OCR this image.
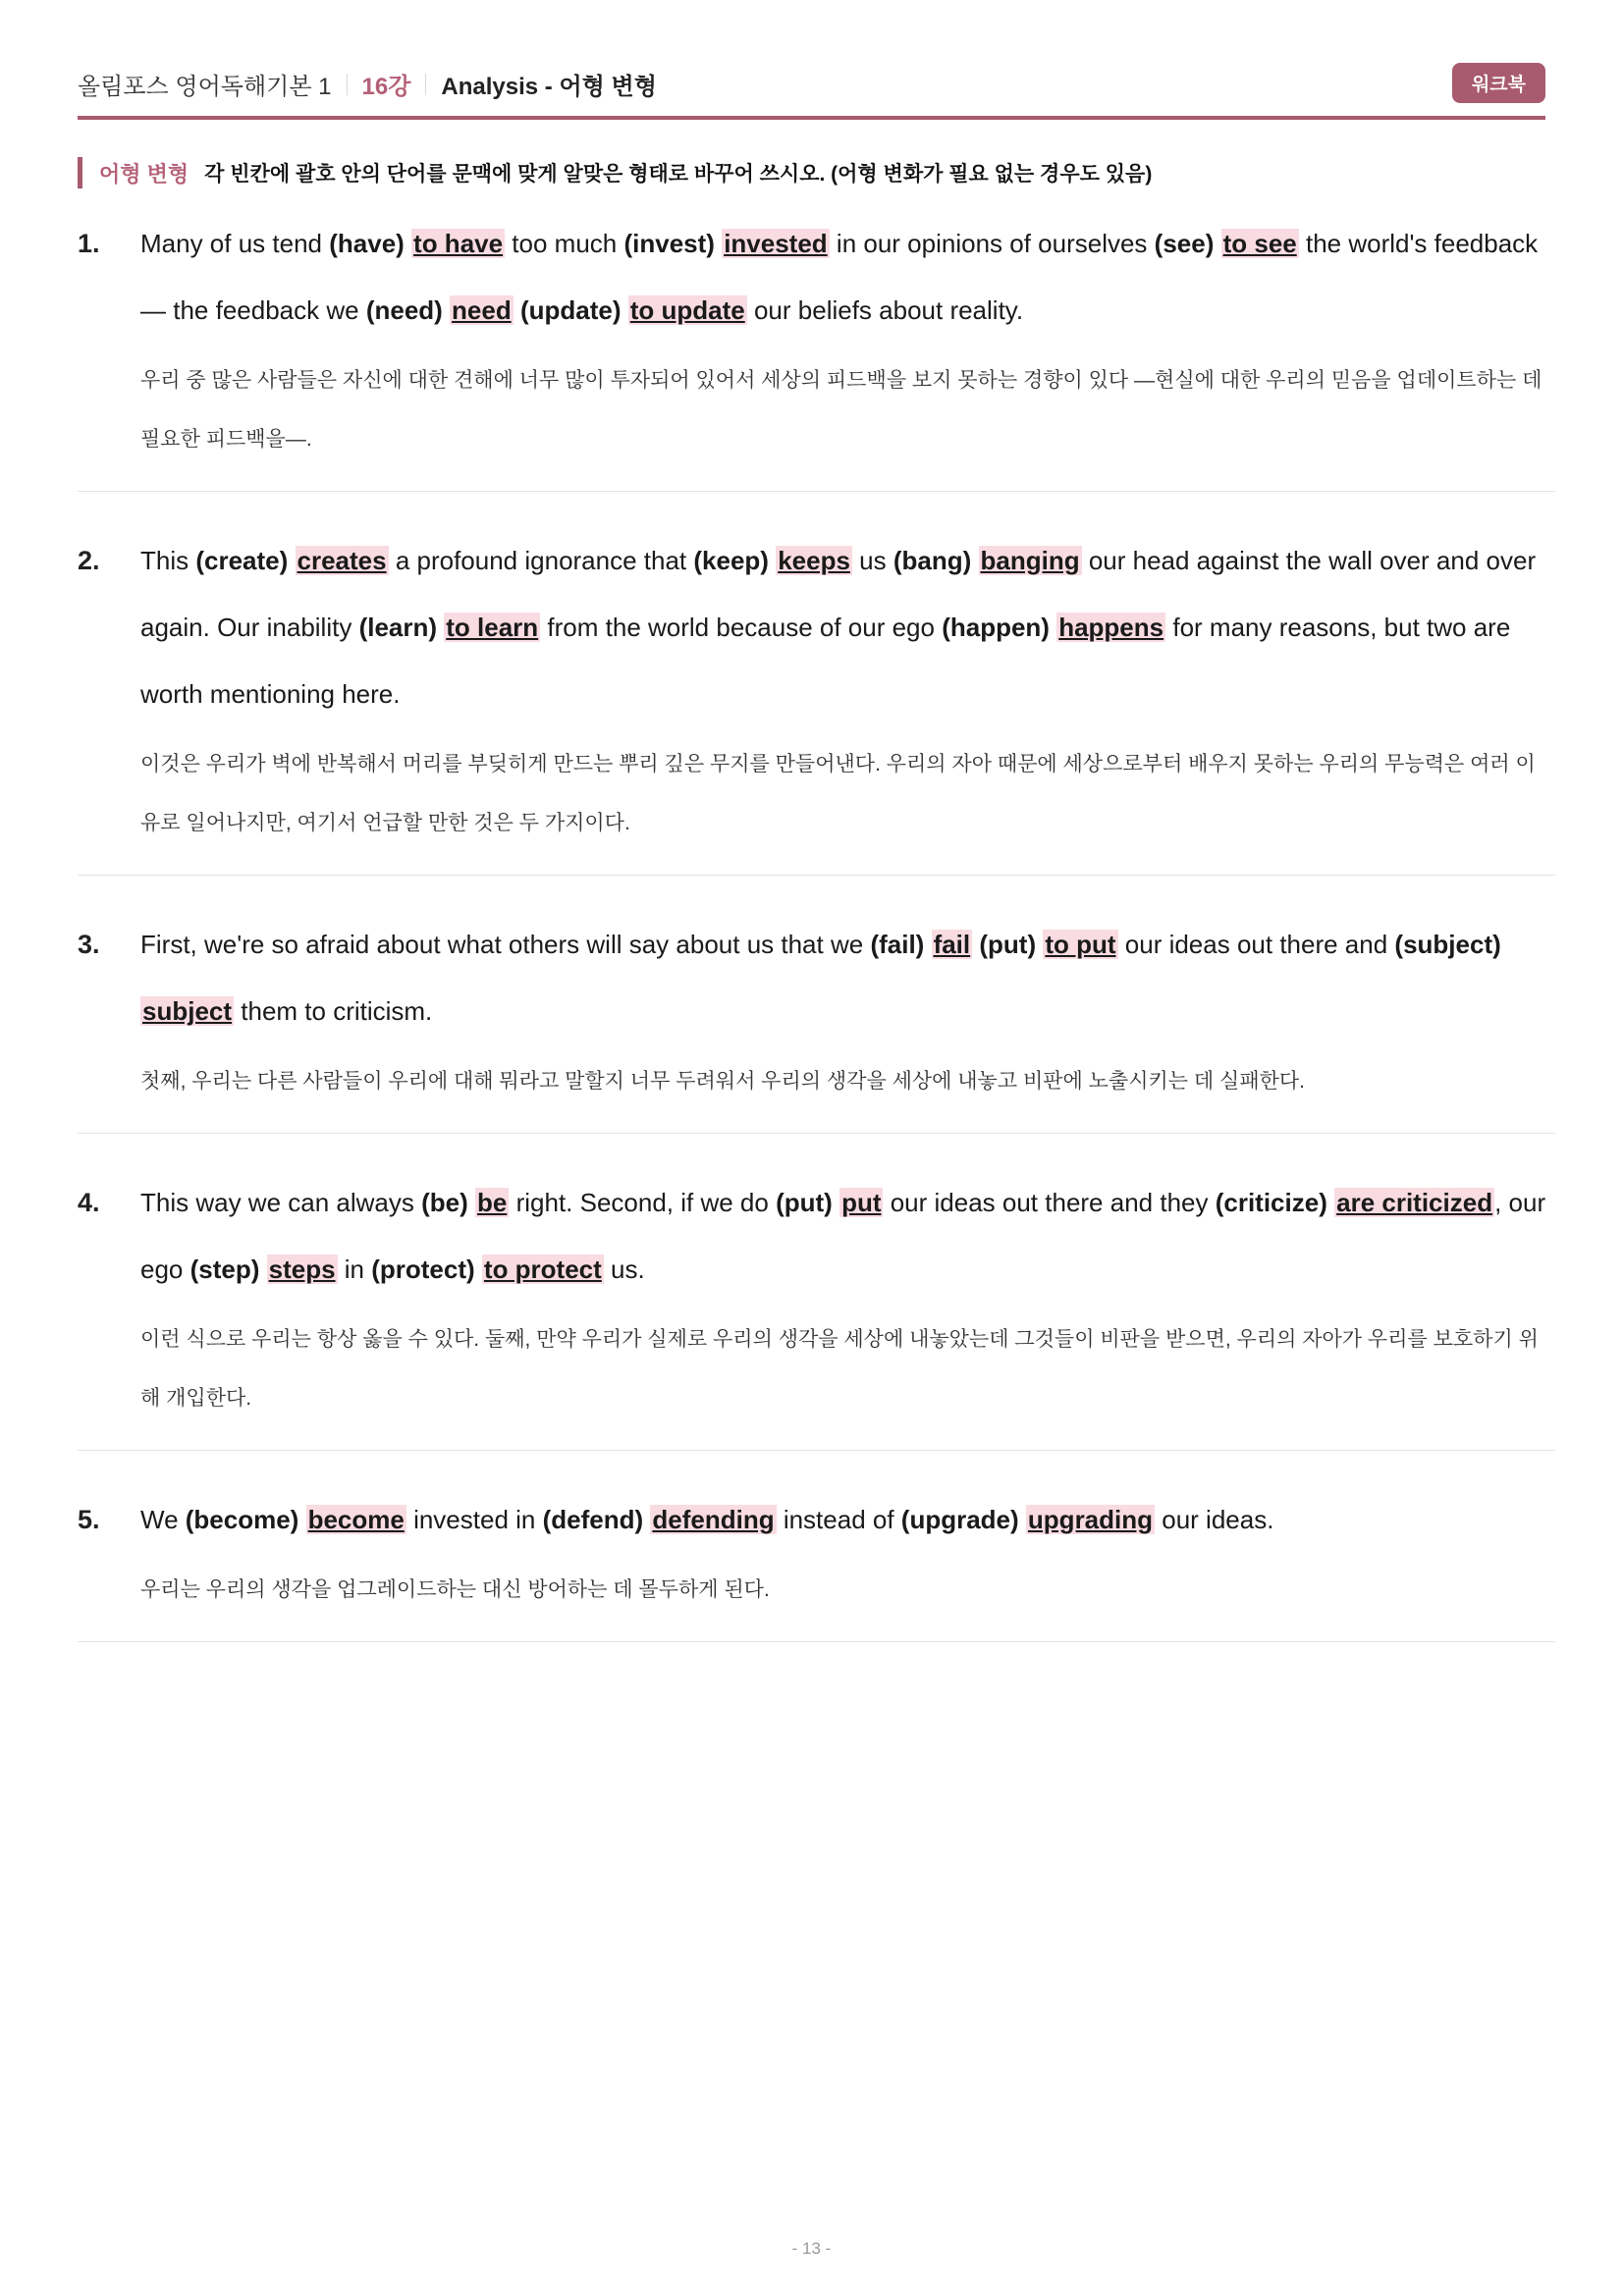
올림포스 영어독해기본 1 16강 Analysis - 어형 변형	워크북
어형 변형 각 빈칸에 괄호 안의 단어를 문맥에 맞게 알맞은 형태로 바꾸어 쓰시오. (어형 변화가 필요 없는 경우도 있음)
1. Many of us tend (have) to have too much (invest) invested in our opinions of ourselves (see) to see the world's feedback — the feedback we (need) need (update) to update our beliefs about reality.
우리 중 많은 사람들은 자신에 대한 견해에 너무 많이 투자되어 있어서 세상의 피드백을 보지 못하는 경향이 있다 —현실에 대한 우리의 믿음을 업데이트하는 데 필요한 피드백을—.
2. This (create) creates a profound ignorance that (keep) keeps us (bang) banging our head against the wall over and over again. Our inability (learn) to learn from the world because of our ego (happen) happens for many reasons, but two are worth mentioning here.
이것은 우리가 벽에 반복해서 머리를 부딪히게 만드는 뿌리 깊은 무지를 만들어낸다. 우리의 자아 때문에 세상으로부터 배우지 못하는 우리의 무능력은 여러 이유로 일어나지만, 여기서 언급할 만한 것은 두 가지이다.
3. First, we're so afraid about what others will say about us that we (fail) fail (put) to put our ideas out there and (subject) subject them to criticism.
첫째, 우리는 다른 사람들이 우리에 대해 뭐라고 말할지 너무 두려워서 우리의 생각을 세상에 내놓고 비판에 노출시키는 데 실패한다.
4. This way we can always (be) be right. Second, if we do (put) put our ideas out there and they (criticize) are criticized, our ego (step) steps in (protect) to protect us.
이런 식으로 우리는 항상 옳을 수 있다. 둘째, 만약 우리가 실제로 우리의 생각을 세상에 내놓았는데 그것들이 비판을 받으면, 우리의 자아가 우리를 보호하기 위해 개입한다.
5. We (become) become invested in (defend) defending instead of (upgrade) upgrading our ideas.
우리는 우리의 생각을 업그레이드하는 대신 방어하는 데 몰두하게 된다.
- 13 -
